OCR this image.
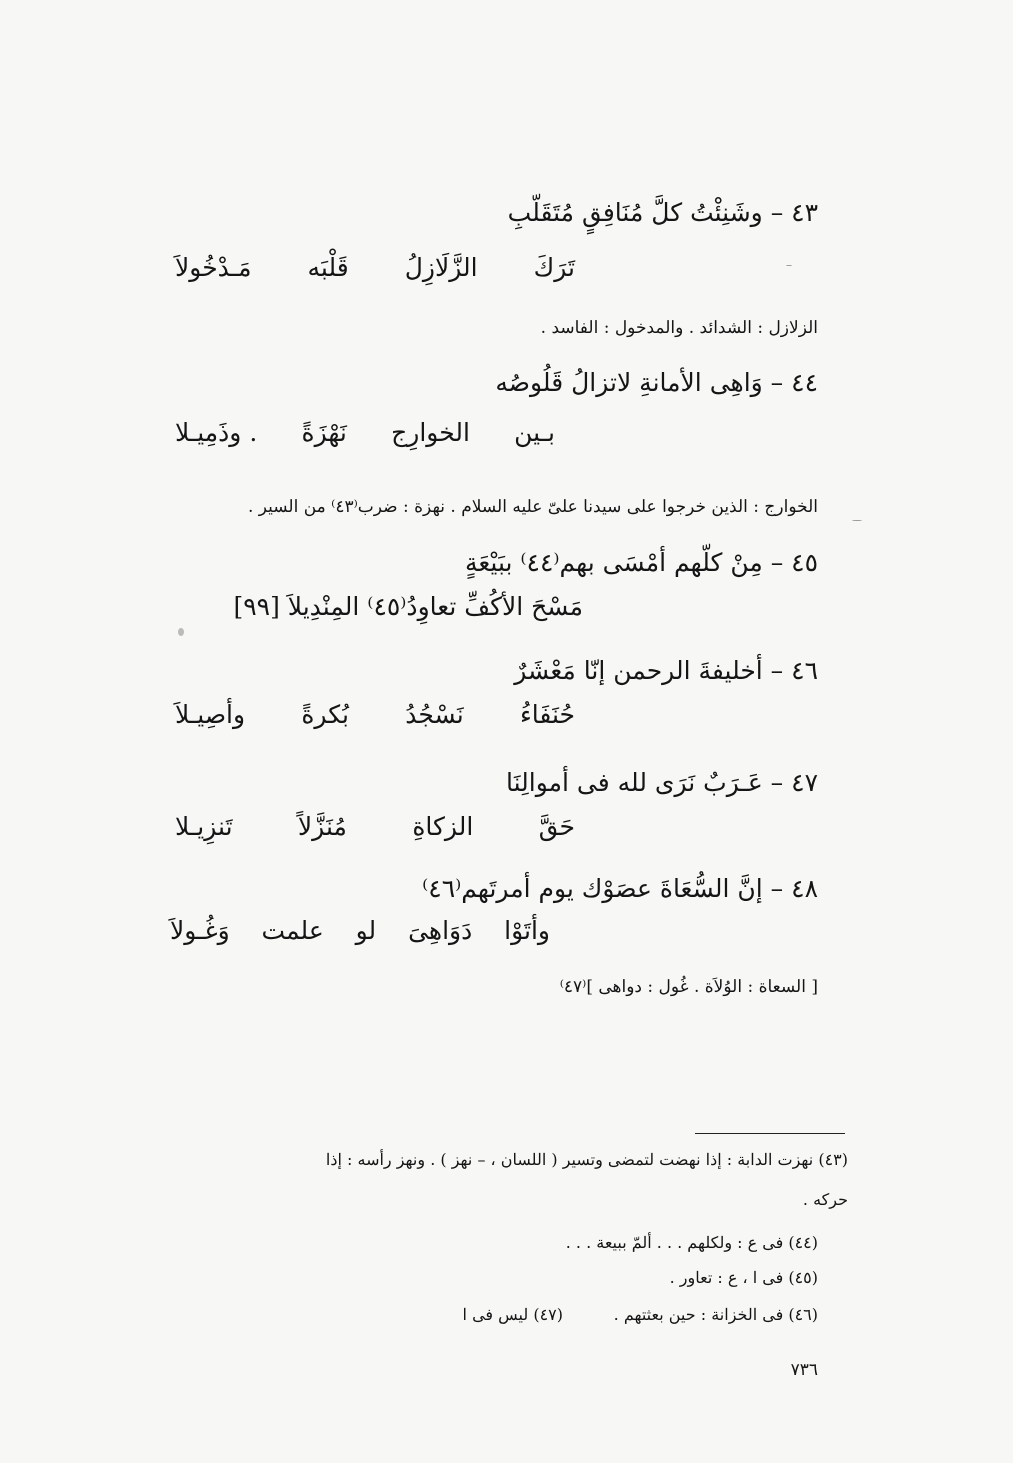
٤٣ – وشَنِئْتُ كلَّ مُنَافِقٍ مُتَقَلّبِ
تَرَكَ
الزَّلَازِلُ
قَلْبَه
مَـدْخُولاَ
الزلازل : الشدائد . والمدخول : الفاسد .
٤٤ – وَاهِى الأمانةِ لاتزالُ قَلُوصُه
بـين
الخوارِج
نَهْزَةً
. وذَمِيـلا
الخوارج : الذين خرجوا على سيدنا علىّ عليه السلام . نهزة : ضرب⁽٤٣⁾ من السير .
٤٥ – مِنْ كلّهم أمْسَى بهم⁽٤٤⁾ ببَيْعَةٍ
مَسْحَ الأكُفِّ تعاوِدُ⁽٤٥⁾ المِنْدِيلاَ [٩٩]
٤٦ – أخليفةَ الرحمن إنّا مَعْشَرٌ
حُنَفَاءُ
نَسْجُدُ
بُكرةً
وأصِيـلاَ
٤٧ – عَـرَبٌ نَرَى لله فى أموالِنَا
حَقَّ
الزكاةِ
مُنَزَّلاً
تَنزِيـلا
٤٨ – إنَّ السُّعَاةَ عصَوْك يوم أمرتَهم⁽٤٦⁾
وأتَوْا
دَوَاهِىَ
لو
علمت
وَغُـولاَ
[ السعاة : الوُلاَة . غُول : دواهى ]⁽٤٧⁾
(٤٣) نهزت الدابة : إذا نهضت لتمضى وتسير ( اللسان ، – نهز ) . ونهز رأسه : إذا
حركه .
(٤٤) فى ع : ولكلهم . . . ألمّ ببيعة . . .
(٤٥) فى ا ، ع : تعاور .
(٤٦) فى الخزانة : حين بعثتهم .
(٤٧) ليس فى ا
٧٣٦
